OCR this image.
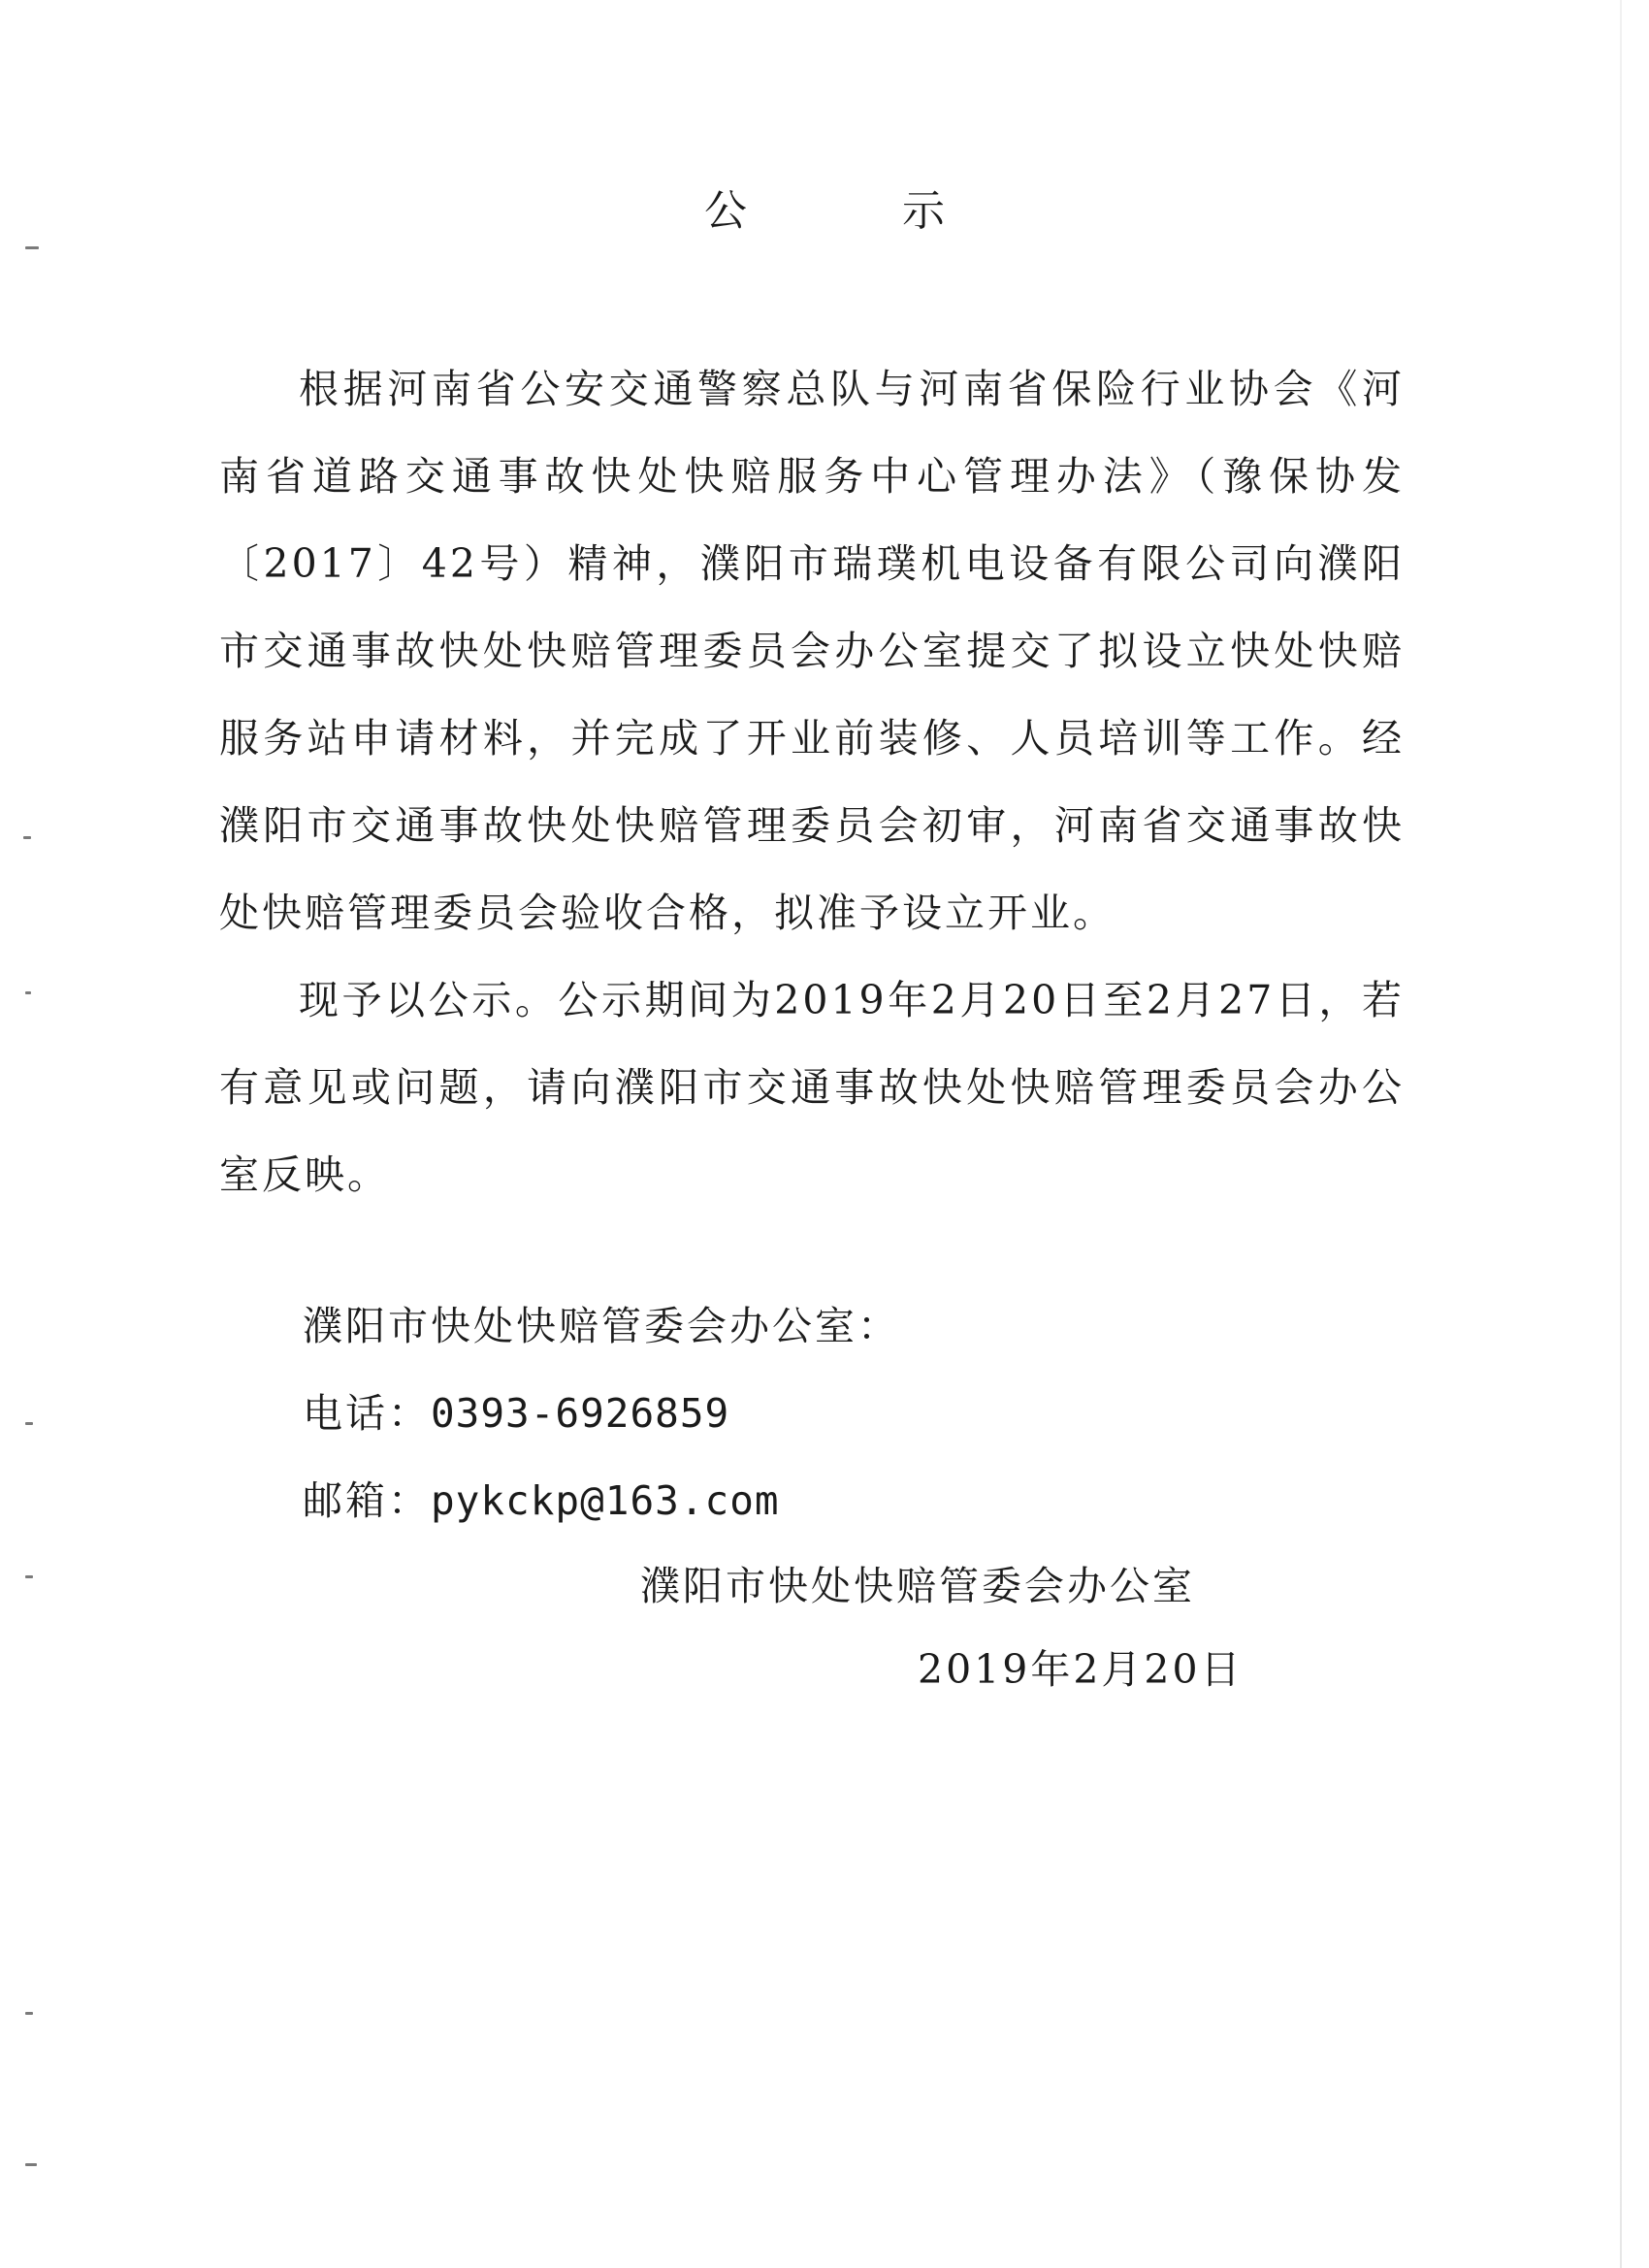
公	示

根据河南省公安交通警察总队与河南省保险行业协会《河南省道路交通事故快处快赔服务中心管理办法》（豫保协发〔2017〕42号）精神，濮阳市瑞璞机电设备有限公司向濮阳市交通事故快处快赔管理委员会办公室提交了拟设立快处快赔服务站申请材料，并完成了开业前装修、人员培训等工作。经濮阳市交通事故快处快赔管理委员会初审，河南省交通事故快处快赔管理委员会验收合格，拟准予设立开业。

现予以公示。公示期间为2019年2月20日至2月27日，若有意见或问题，请向濮阳市交通事故快处快赔管理委员会办公室反映。

濮阳市快处快赔管委会办公室：
电话：0393-6926859
邮箱：pykckp@163.com
濮阳市快处快赔管委会办公室
2019年2月20日
